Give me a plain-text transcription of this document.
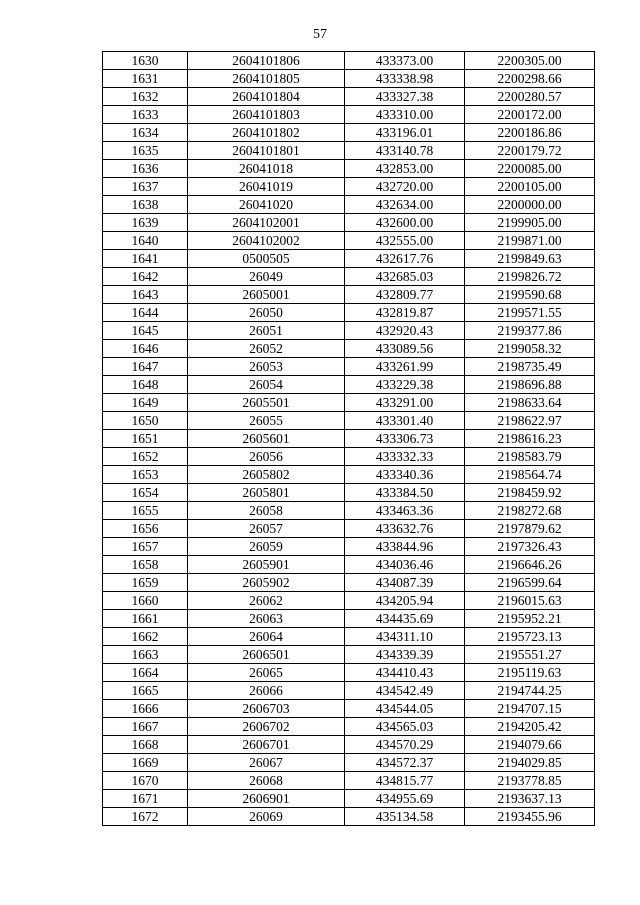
57
1630	2604101806	433373.00	2200305.00
1631	2604101805	433338.98	2200298.66
1632	2604101804	433327.38	2200280.57
1633	2604101803	433310.00	2200172.00
1634	2604101802	433196.01	2200186.86
1635	2604101801	433140.78	2200179.72
1636	26041018	432853.00	2200085.00
1637	26041019	432720.00	2200105.00
1638	26041020	432634.00	2200000.00
1639	2604102001	432600.00	2199905.00
1640	2604102002	432555.00	2199871.00
1641	0500505	432617.76	2199849.63
1642	26049	432685.03	2199826.72
1643	2605001	432809.77	2199590.68
1644	26050	432819.87	2199571.55
1645	26051	432920.43	2199377.86
1646	26052	433089.56	2199058.32
1647	26053	433261.99	2198735.49
1648	26054	433229.38	2198696.88
1649	2605501	433291.00	2198633.64
1650	26055	433301.40	2198622.97
1651	2605601	433306.73	2198616.23
1652	26056	433332.33	2198583.79
1653	2605802	433340.36	2198564.74
1654	2605801	433384.50	2198459.92
1655	26058	433463.36	2198272.68
1656	26057	433632.76	2197879.62
1657	26059	433844.96	2197326.43
1658	2605901	434036.46	2196646.26
1659	2605902	434087.39	2196599.64
1660	26062	434205.94	2196015.63
1661	26063	434435.69	2195952.21
1662	26064	434311.10	2195723.13
1663	2606501	434339.39	2195551.27
1664	26065	434410.43	2195119.63
1665	26066	434542.49	2194744.25
1666	2606703	434544.05	2194707.15
1667	2606702	434565.03	2194205.42
1668	2606701	434570.29	2194079.66
1669	26067	434572.37	2194029.85
1670	26068	434815.77	2193778.85
1671	2606901	434955.69	2193637.13
1672	26069	435134.58	2193455.96
